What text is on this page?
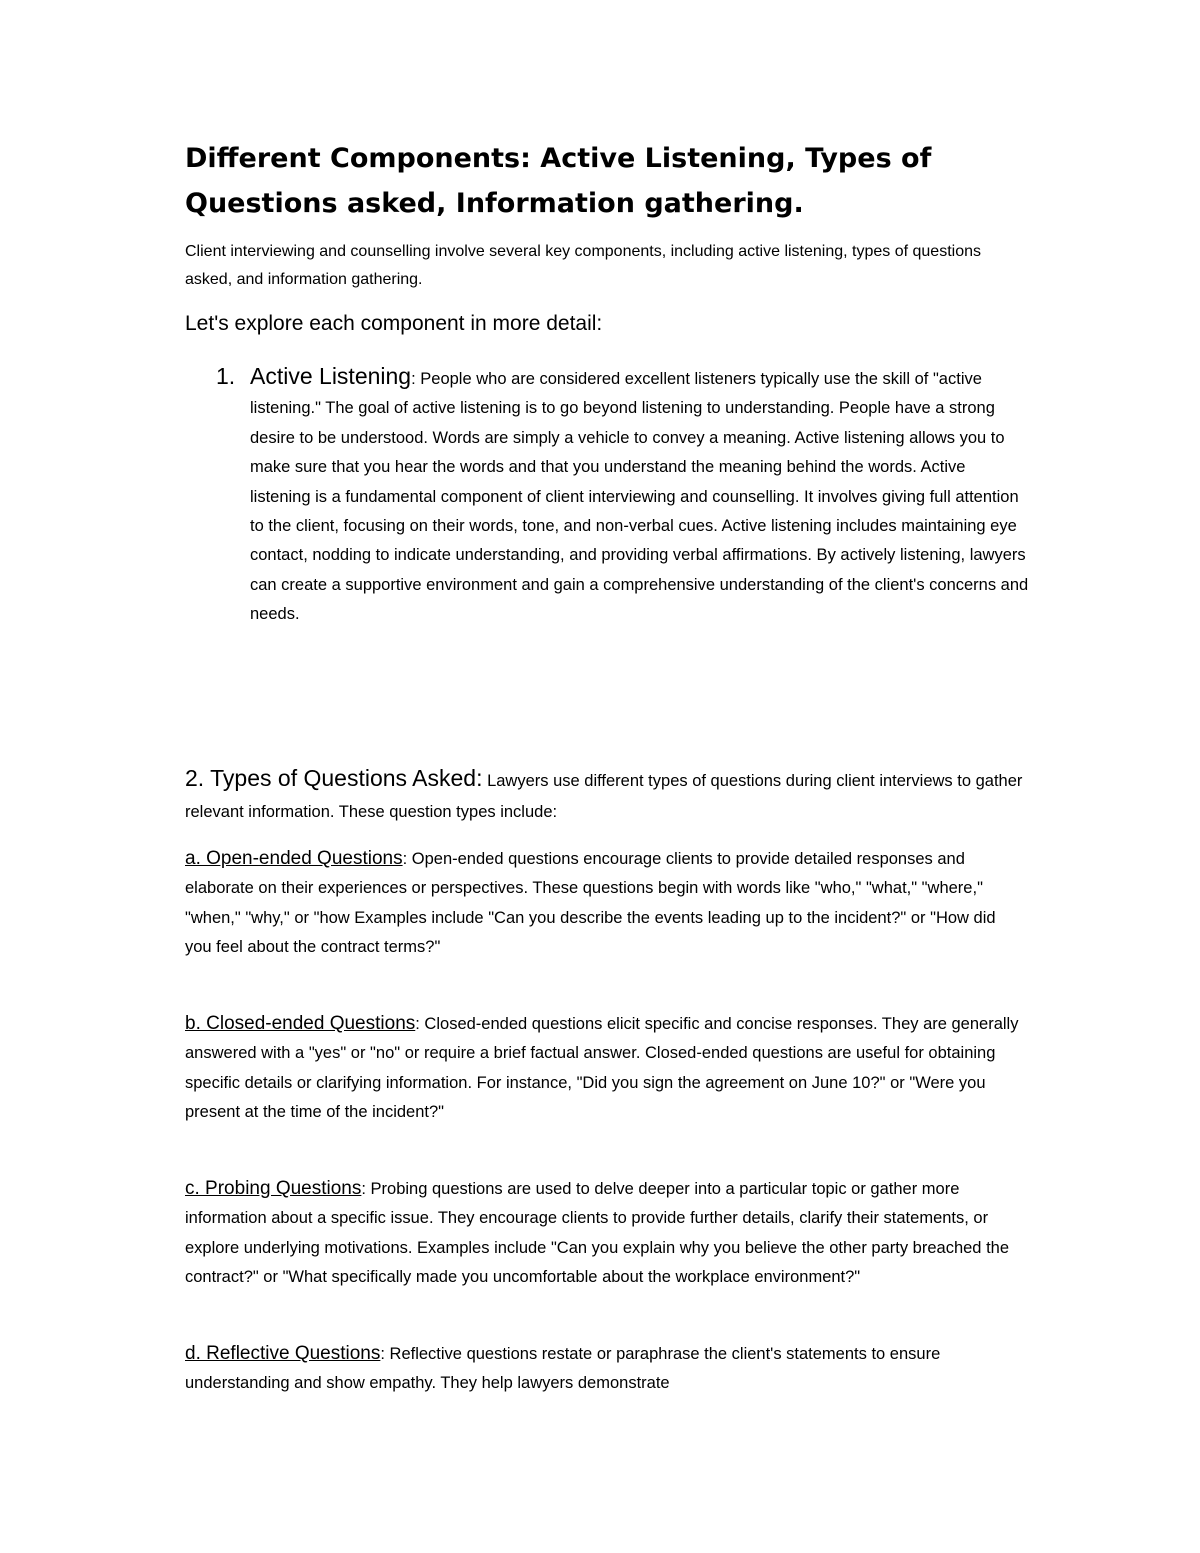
Different Components: Active Listening, Types of Questions asked, Information gathering.

Client interviewing and counselling involve several key components, including active listening, types of questions asked, and information gathering.

Let's explore each component in more detail:

1. Active Listening: People who are considered excellent listeners typically use the skill of "active listening." The goal of active listening is to go beyond listening to understanding. People have a strong desire to be understood. Words are simply a vehicle to convey a meaning. Active listening allows you to make sure that you hear the words and that you understand the meaning behind the words. Active listening is a fundamental component of client interviewing and counselling. It involves giving full attention to the client, focusing on their words, tone, and non-verbal cues. Active listening includes maintaining eye contact, nodding to indicate understanding, and providing verbal affirmations. By actively listening, lawyers can create a supportive environment and gain a comprehensive understanding of the client's concerns and needs.

2. Types of Questions Asked: Lawyers use different types of questions during client interviews to gather relevant information. These question types include:

a. Open-ended Questions: Open-ended questions encourage clients to provide detailed responses and elaborate on their experiences or perspectives. These questions begin with words like "who," "what," "where," "when," "why," or "how Examples include "Can you describe the events leading up to the incident?" or "How did you feel about the contract terms?"

b. Closed-ended Questions: Closed-ended questions elicit specific and concise responses. They are generally answered with a "yes" or "no" or require a brief factual answer. Closed-ended questions are useful for obtaining specific details or clarifying information. For instance, "Did you sign the agreement on June 10?" or "Were you present at the time of the incident?"

c. Probing Questions: Probing questions are used to delve deeper into a particular topic or gather more information about a specific issue. They encourage clients to provide further details, clarify their statements, or explore underlying motivations. Examples include "Can you explain why you believe the other party breached the contract?" or "What specifically made you uncomfortable about the workplace environment?"

d. Reflective Questions: Reflective questions restate or paraphrase the client's statements to ensure understanding and show empathy. They help lawyers demonstrate
